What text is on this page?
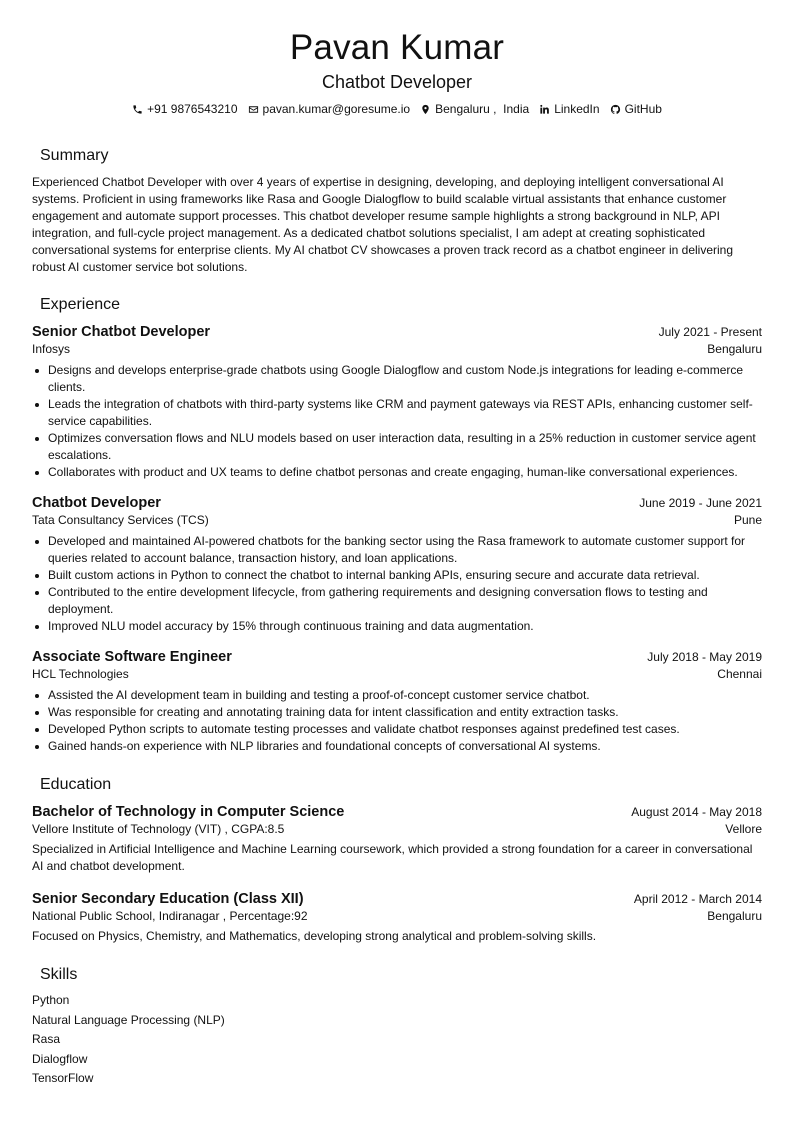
Pavan Kumar
Chatbot Developer
+91 9876543210 pavan.kumar@goresume.io Bengaluru ,  India LinkedIn GitHub
Summary
Experienced Chatbot Developer with over 4 years of expertise in designing, developing, and deploying intelligent conversational AI systems. Proficient in using frameworks like Rasa and Google Dialogflow to build scalable virtual assistants that enhance customer engagement and automate support processes. This chatbot developer resume sample highlights a strong background in NLP, API integration, and full-cycle project management. As a dedicated chatbot solutions specialist, I am adept at creating sophisticated conversational systems for enterprise clients. My AI chatbot CV showcases a proven track record as a chatbot engineer in delivering robust AI customer service bot solutions.
Experience
Senior Chatbot Developer	July 2021 - Present
Infosys	Bengaluru
Designs and develops enterprise-grade chatbots using Google Dialogflow and custom Node.js integrations for leading e-commerce clients.
Leads the integration of chatbots with third-party systems like CRM and payment gateways via REST APIs, enhancing customer self-service capabilities.
Optimizes conversation flows and NLU models based on user interaction data, resulting in a 25% reduction in customer service agent escalations.
Collaborates with product and UX teams to define chatbot personas and create engaging, human-like conversational experiences.
Chatbot Developer	June 2019 - June 2021
Tata Consultancy Services (TCS)	Pune
Developed and maintained AI-powered chatbots for the banking sector using the Rasa framework to automate customer support for queries related to account balance, transaction history, and loan applications.
Built custom actions in Python to connect the chatbot to internal banking APIs, ensuring secure and accurate data retrieval.
Contributed to the entire development lifecycle, from gathering requirements and designing conversation flows to testing and deployment.
Improved NLU model accuracy by 15% through continuous training and data augmentation.
Associate Software Engineer	July 2018 - May 2019
HCL Technologies	Chennai
Assisted the AI development team in building and testing a proof-of-concept customer service chatbot.
Was responsible for creating and annotating training data for intent classification and entity extraction tasks.
Developed Python scripts to automate testing processes and validate chatbot responses against predefined test cases.
Gained hands-on experience with NLP libraries and foundational concepts of conversational AI systems.
Education
Bachelor of Technology in Computer Science	August 2014 - May 2018
Vellore Institute of Technology (VIT) , CGPA:8.5	Vellore
Specialized in Artificial Intelligence and Machine Learning coursework, which provided a strong foundation for a career in conversational AI and chatbot development.
Senior Secondary Education (Class XII)	April 2012 - March 2014
National Public School, Indiranagar , Percentage:92	Bengaluru
Focused on Physics, Chemistry, and Mathematics, developing strong analytical and problem-solving skills.
Skills
Python
Natural Language Processing (NLP)
Rasa
Dialogflow
TensorFlow
